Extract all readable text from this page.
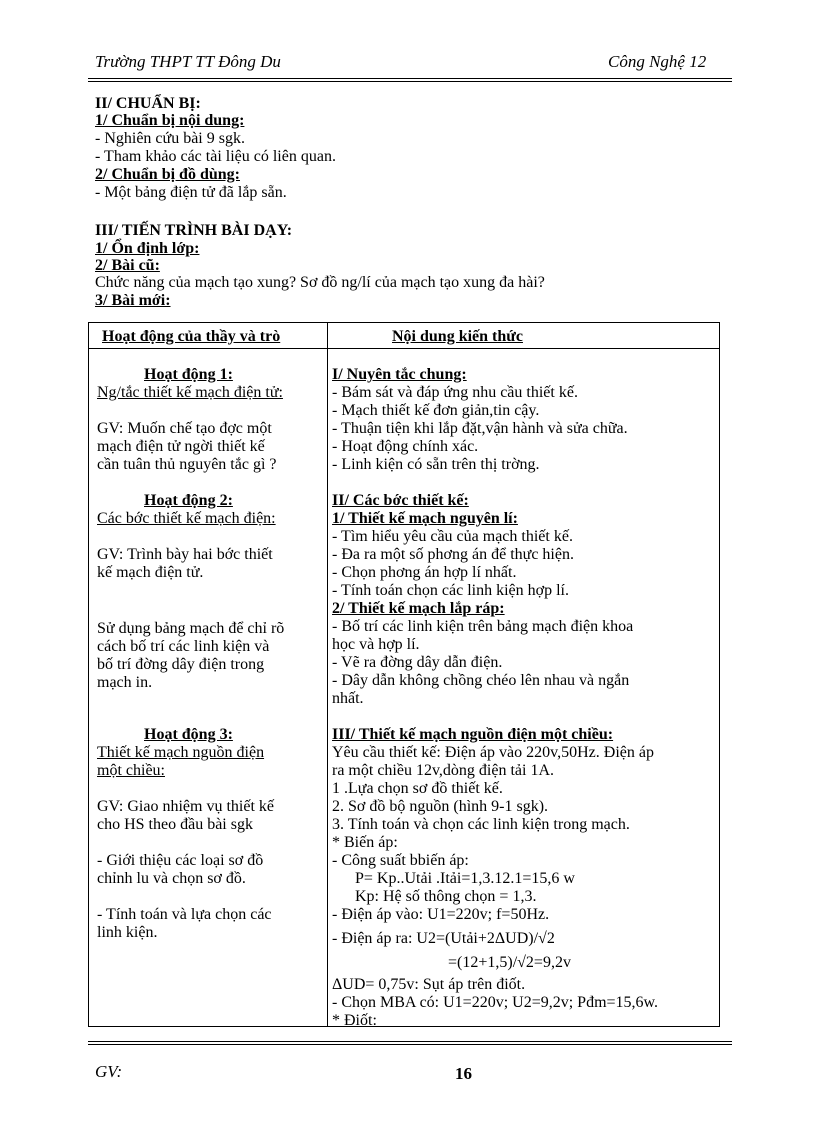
Trường THPT TT Đông Du	Công Nghệ 12
II/ CHUẨN BỊ:
1/ Chuẩn bị nội dung:
- Nghiên cứu bài 9 sgk.
- Tham khảo các tài liệu có liên quan.
2/ Chuẩn bị đồ dùng:
- Một bảng điện tử đã lắp sẵn.
III/ TIẾN TRÌNH BÀI DẠY:
1/ Ổn định lớp:
2/ Bài cũ:
Chức năng của mạch tạo xung? Sơ đồ ng/lí của mạch tạo xung đa hài?
3/ Bài mới:
Hoạt động của thầy và trò	Nội dung kiến thức
Hoạt động 1:
Ng/tắc thiết kế mạch điện tử:
GV: Muốn chế tạo đợc một
mạch điện tử ngời thiết kế
cần tuân thủ nguyên tắc gì ?
Hoạt động 2:
Các bớc thiết kế mạch điện:
GV: Trình bày hai bớc thiết
kế mạch điện tử.
Sử dụng bảng mạch để chỉ rõ
cách bố trí các linh kiện và
bố trí đờng dây điện trong
mạch in.
Hoạt động 3:
Thiết kế mạch nguồn điện
một chiều:
GV: Giao nhiệm vụ thiết kế
cho HS theo đầu bài sgk
- Giới thiệu các loại sơ đồ
chỉnh lu và chọn sơ đồ.
- Tính toán và lựa chọn các
linh kiện.
I/ Nuyên tắc chung:
- Bám sát và đáp ứng nhu cầu thiết kế.
- Mạch thiết kế đơn giản,tin cậy.
- Thuận tiện khi lắp đặt,vận hành và sửa chữa.
- Hoạt động chính xác.
- Linh kiện có sẵn trên thị trờng.
II/ Các bớc thiết kế:
1/ Thiết kế mạch nguyên lí:
- Tìm hiểu yêu cầu của mạch thiết kế.
- Đa ra một số phơng án để thực hiện.
- Chọn phơng án hợp lí nhất.
- Tính toán chọn các linh kiện hợp lí.
2/ Thiết kế mạch lắp ráp:
- Bố trí các linh kiện trên bảng mạch điện khoa
học và hợp lí.
- Vẽ ra đờng dây dẫn điện.
- Dây dẫn không chồng chéo lên nhau và ngắn
nhất.
III/ Thiết kế mạch nguồn điện một chiều:
Yêu cầu thiết kế: Điện áp vào 220v,50Hz. Điện áp
ra một chiều 12v,dòng điện tải 1A.
1 .Lựa chọn sơ đồ thiết kế.
2. Sơ đồ bộ nguồn (hình 9-1 sgk).
3. Tính toán và chọn các linh kiện trong mạch.
* Biến áp:
- Công suất bbiến áp:
P= Kp..Utải .Itải=1,3.12.1=15,6 w
Kp: Hệ số thông chọn = 1,3.
- Điện áp vào: U1=220v; f=50Hz.
- Điện áp ra: U2=(Utải+2ΔUD)/√2
=(12+1,5)/√2=9,2v
ΔUD= 0,75v: Sụt áp trên điốt.
- Chọn MBA có: U1=220v; U2=9,2v; Pđm=15,6w.
* Điốt:
GV:	16
